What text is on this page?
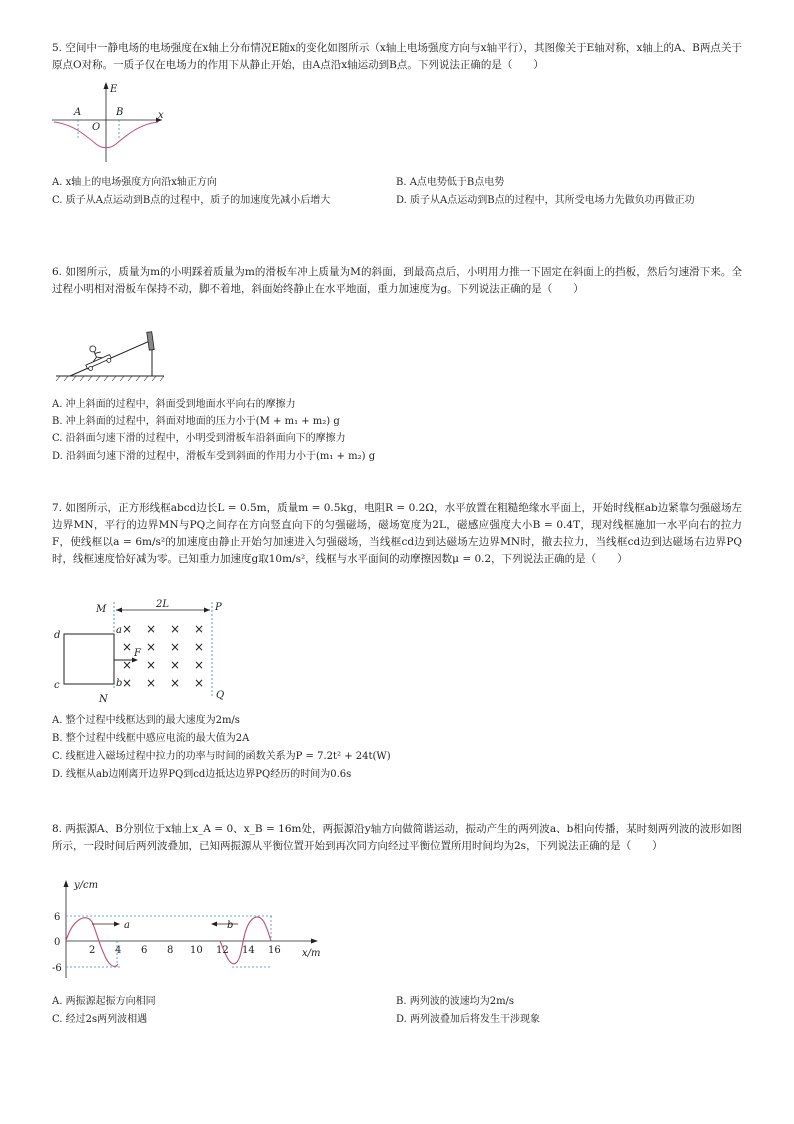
5. 空间中一静电场的电场强度在x轴上分布情况E随x的变化如图所示（x轴上电场强度方向与x轴平行），其图像关于E轴对称，x轴上的A、B两点关于原点O对称。一质子仅在电场力的作用下从静止开始，由A点沿x轴运动到B点。下列说法正确的是（　　）

E
x
A
O
B
A. x轴上的电场强度方向沿x轴正方向	B. A点电势低于B点电势
C. 质子从A点运动到B点的过程中，质子的加速度先减小后增大	D. 质子从A点运动到B点的过程中，其所受电场力先做负功再做正功

6. 如图所示，质量为m的小明踩着质量为m的滑板车冲上质量为M的斜面，到最高点后，小明用力推一下固定在斜面上的挡板，然后匀速滑下来。全过程小明相对滑板车保持不动，脚不着地，斜面始终静止在水平地面，重力加速度为g。下列说法正确的是（　　）

A. 冲上斜面的过程中，斜面受到地面水平向右的摩擦力
B. 冲上斜面的过程中，斜面对地面的压力小于(M + m₁ + m₂) g
C. 沿斜面匀速下滑的过程中，小明受到滑板车沿斜面向下的摩擦力
D. 沿斜面匀速下滑的过程中，滑板车受到斜面的作用力小于(m₁ + m₂) g

7. 如图所示，正方形线框abcd边长L = 0.5m，质量m = 0.5kg，电阻R = 0.2Ω，水平放置在粗糙绝缘水平面上，开始时线框ab边紧靠匀强磁场左边界MN，平行的边界MN与PQ之间存在方向竖直向下的匀强磁场，磁场宽度为2L，磁感应强度大小B = 0.4T，现对线框施加一水平向右的拉力F，使线框以a = 6m/s²的加速度由静止开始匀加速进入匀强磁场，当线框cd边到达磁场左边界MN时，撤去拉力，当线框cd边到达磁场右边界PQ时，线框速度恰好减为零。已知重力加速度g取10m/s²，线框与水平面间的动摩擦因数μ = 0.2，下列说法正确的是（　　）

× × × ×
× × × ×
× × × ×
× × × ×
M	P
N	Q
2L
a
b
c
d
F
A. 整个过程中线框达到的最大速度为2m/s
B. 整个过程中线框中感应电流的最大值为2A
C. 线框进入磁场过程中拉力的功率与时间的函数关系为P = 7.2t² + 24t(W)
D. 线框从ab边刚离开边界PQ到cd边抵达边界PQ经历的时间为0.6s

8. 两振源A、B分别位于x轴上x_A = 0、x_B = 16m处，两振源沿y轴方向做简谐运动，振动产生的两列波a、b相向传播，某时刻两列波的波形如图所示，一段时间后两列波叠加，已知两振源从平衡位置开始到再次同方向经过平衡位置所用时间均为2s，下列说法正确的是（　　）

a	b
y/cm
x/m
6
0
-6
2 4 6 8 10 12 14 16
A. 两振源起振方向相同	B. 两列波的波速均为2m/s
C. 经过2s两列波相遇	D. 两列波叠加后将发生干涉现象
